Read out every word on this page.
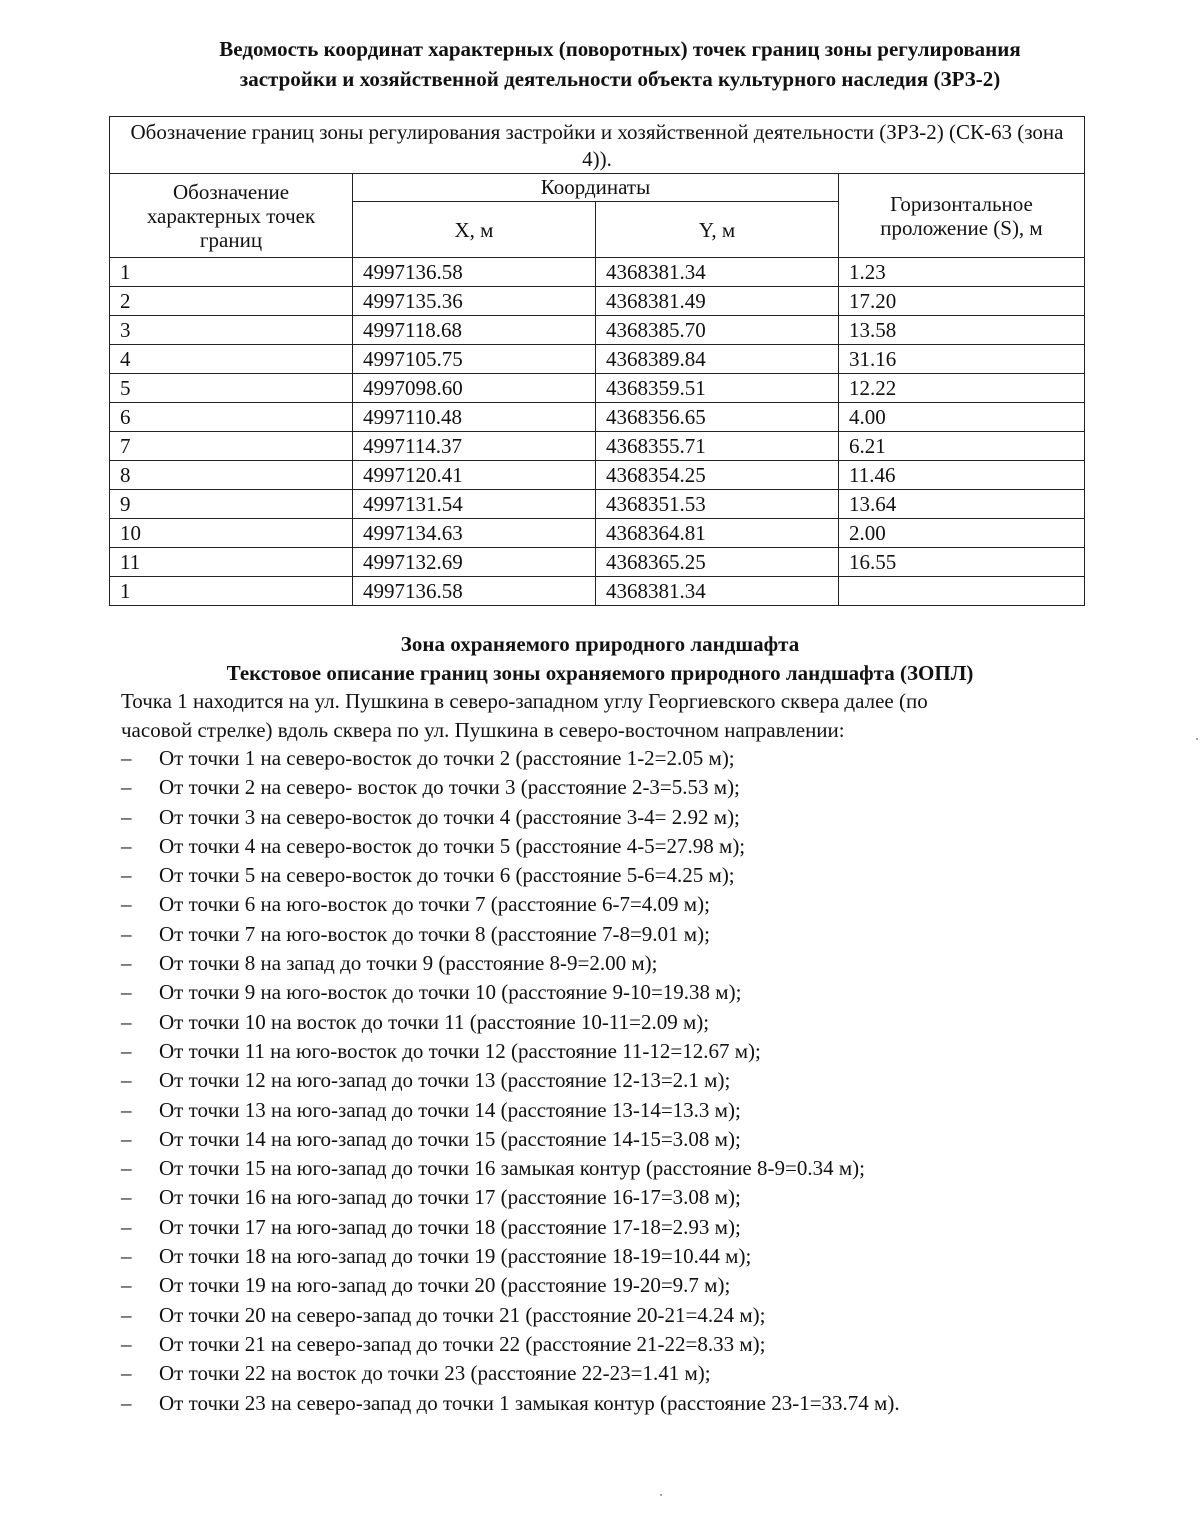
Ведомость координат характерных (поворотных) точек границ зоны регулирования
застройки и хозяйственной деятельности объекта культурного наследия (ЗРЗ-2)
Обозначение границ зоны регулирования застройки и хозяйственной деятельности (ЗРЗ-2) (СК-63 (зона 4)).			
Обозначение характерных точек границ	Координаты		Горизонтальное проложение (S), м
	X, м	Y, м	
1	4997136.58	4368381.34	1.23
2	4997135.36	4368381.49	17.20
3	4997118.68	4368385.70	13.58
4	4997105.75	4368389.84	31.16
5	4997098.60	4368359.51	12.22
6	4997110.48	4368356.65	4.00
7	4997114.37	4368355.71	6.21
8	4997120.41	4368354.25	11.46
9	4997131.54	4368351.53	13.64
10	4997134.63	4368364.81	2.00
11	4997132.69	4368365.25	16.55
1	4997136.58	4368381.34	
Зона охраняемого природного ландшафта
Текстовое описание границ зоны охраняемого природного ландшафта (ЗОПЛ)
Точка 1 находится на ул. Пушкина в северо-западном углу Георгиевского сквера далее (по
часовой стрелке) вдоль сквера по ул. Пушкина в северо-восточном направлении:
– От точки 1 на северо-восток до точки 2 (расстояние 1-2=2.05 м);
– От точки 2 на северо- восток до точки 3 (расстояние 2-3=5.53 м);
– От точки 3 на северо-восток до точки 4 (расстояние 3-4= 2.92 м);
– От точки 4 на северо-восток до точки 5 (расстояние 4-5=27.98 м);
– От точки 5 на северо-восток до точки 6 (расстояние 5-6=4.25 м);
– От точки 6 на юго-восток до точки 7 (расстояние 6-7=4.09 м);
– От точки 7 на юго-восток до точки 8 (расстояние 7-8=9.01 м);
– От точки 8 на запад до точки 9 (расстояние 8-9=2.00 м);
– От точки 9 на юго-восток до точки 10 (расстояние 9-10=19.38 м);
– От точки 10 на восток до точки 11 (расстояние 10-11=2.09 м);
– От точки 11 на юго-восток до точки 12 (расстояние 11-12=12.67 м);
– От точки 12 на юго-запад до точки 13 (расстояние 12-13=2.1 м);
– От точки 13 на юго-запад до точки 14 (расстояние 13-14=13.3 м);
– От точки 14 на юго-запад до точки 15 (расстояние 14-15=3.08 м);
– От точки 15 на юго-запад до точки 16 замыкая контур (расстояние 8-9=0.34 м);
– От точки 16 на юго-запад до точки 17 (расстояние 16-17=3.08 м);
– От точки 17 на юго-запад до точки 18 (расстояние 17-18=2.93 м);
– От точки 18 на юго-запад до точки 19 (расстояние 18-19=10.44 м);
– От точки 19 на юго-запад до точки 20 (расстояние 19-20=9.7 м);
– От точки 20 на северо-запад до точки 21 (расстояние 20-21=4.24 м);
– От точки 21 на северо-запад до точки 22 (расстояние 21-22=8.33 м);
– От точки 22 на восток до точки 23 (расстояние 22-23=1.41 м);
– От точки 23 на северо-запад до точки 1 замыкая контур (расстояние 23-1=33.74 м).
